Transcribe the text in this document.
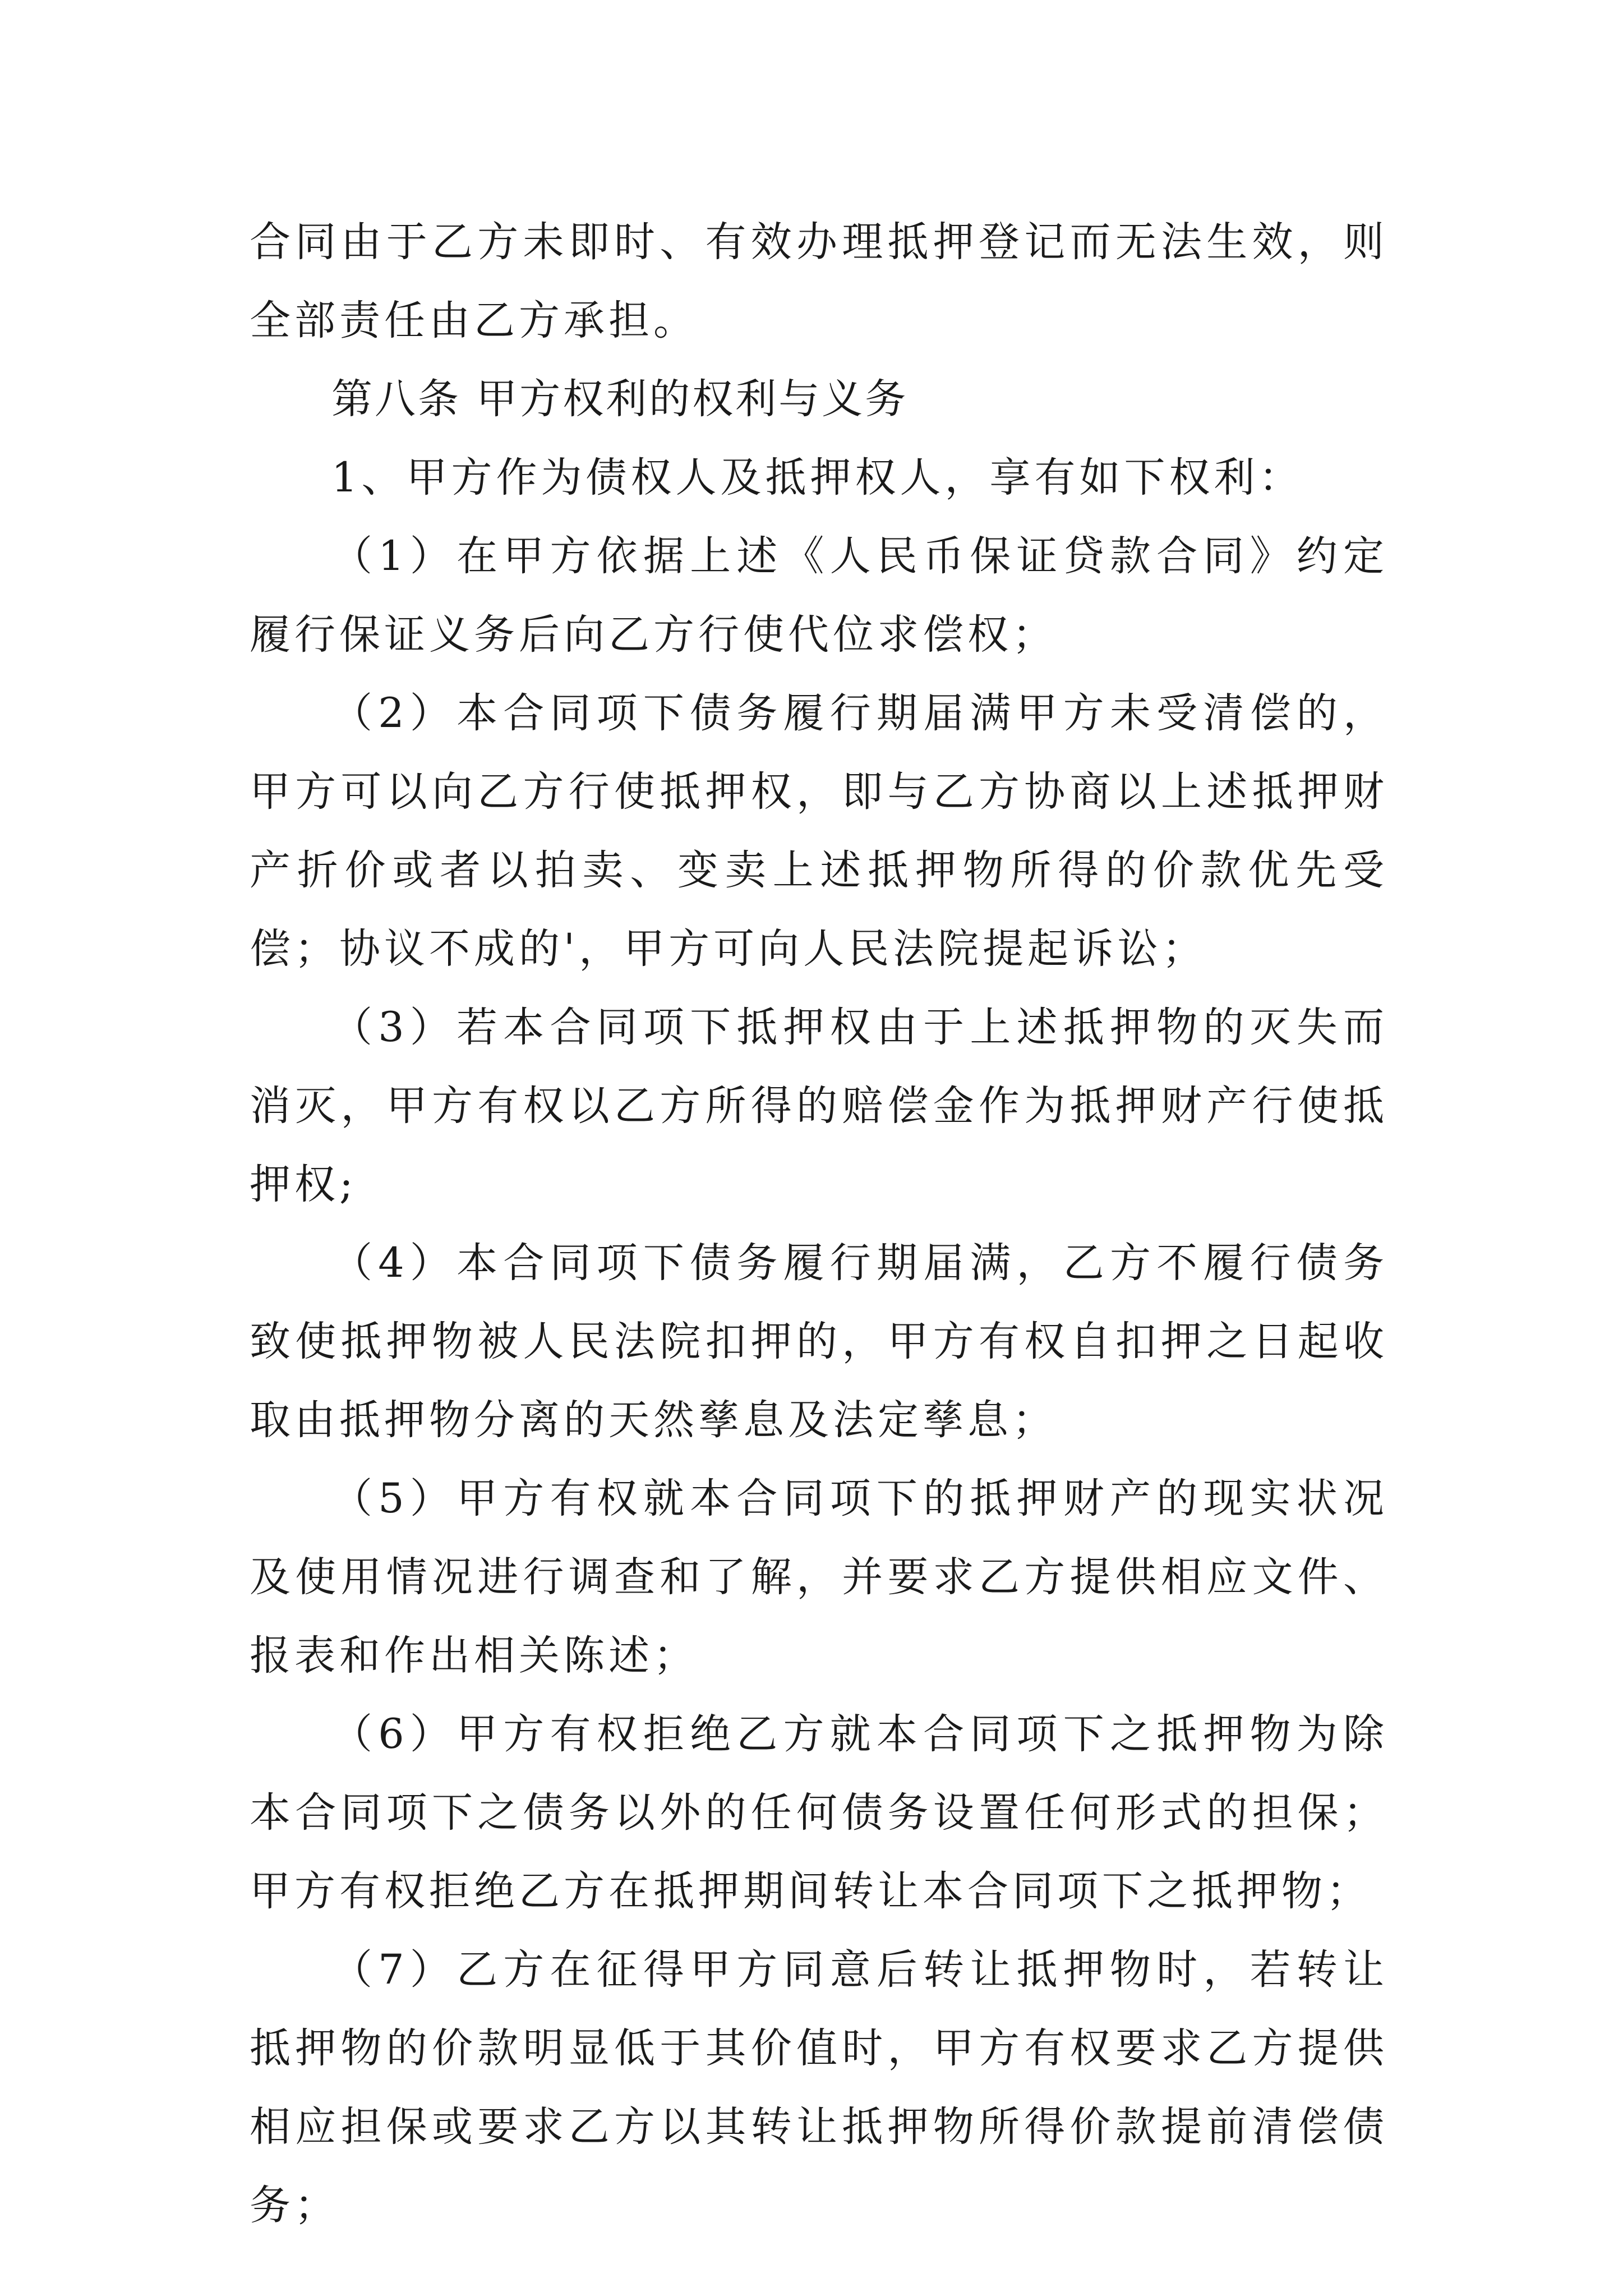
合同由于乙方未即时、有效办理抵押登记而无法生效，则全部责任由乙方承担。

第八条 甲方权利的权利与义务

1、甲方作为债权人及抵押权人，享有如下权利：

（1）在甲方依据上述《人民币保证贷款合同》约定履行保证义务后向乙方行使代位求偿权；

（2）本合同项下债务履行期届满甲方未受清偿的，甲方可以向乙方行使抵押权，即与乙方协商以上述抵押财产折价或者以拍卖、变卖上述抵押物所得的价款优先受偿；协议不成的'，甲方可向人民法院提起诉讼；

（3）若本合同项下抵押权由于上述抵押物的灭失而消灭，甲方有权以乙方所得的赔偿金作为抵押财产行使抵押权;

（4）本合同项下债务履行期届满，乙方不履行债务致使抵押物被人民法院扣押的，甲方有权自扣押之日起收取由抵押物分离的天然孳息及法定孳息；

（5）甲方有权就本合同项下的抵押财产的现实状况及使用情况进行调查和了解，并要求乙方提供相应文件、报表和作出相关陈述；

（6）甲方有权拒绝乙方就本合同项下之抵押物为除本合同项下之债务以外的任何债务设置任何形式的担保；甲方有权拒绝乙方在抵押期间转让本合同项下之抵押物；

（7）乙方在征得甲方同意后转让抵押物时，若转让抵押物的价款明显低于其价值时，甲方有权要求乙方提供相应担保或要求乙方以其转让抵押物所得价款提前清偿债务；
